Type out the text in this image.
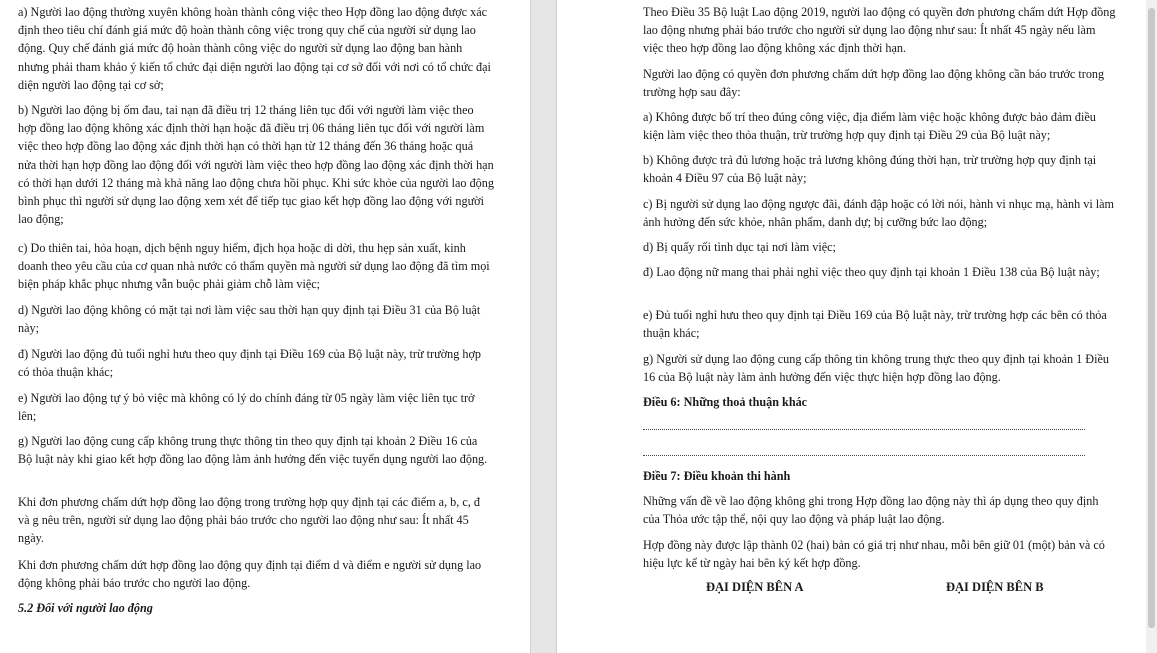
a) Người lao động thường xuyên không hoàn thành công việc theo Hợp đồng lao động được xác định theo tiêu chí đánh giá mức độ hoàn thành công việc trong quy chế của người sử dụng lao động. Quy chế đánh giá mức độ hoàn thành công việc do người sử dụng lao động ban hành nhưng phải tham khảo ý kiến tổ chức đại diện người lao động tại cơ sở đối với nơi có tổ chức đại diện người lao động tại cơ sở;

b) Người lao động bị ốm đau, tai nạn đã điều trị 12 tháng liên tục đối với người làm việc theo hợp đồng lao động không xác định thời hạn hoặc đã điều trị 06 tháng liên tục đối với người làm việc theo hợp đồng lao động xác định thời hạn có thời hạn từ 12 tháng đến 36 tháng hoặc quá nửa thời hạn hợp đồng lao động đối với người làm việc theo hợp đồng lao động xác định thời hạn có thời hạn dưới 12 tháng mà khả năng lao động chưa hồi phục. Khi sức khỏe của người lao động bình phục thì người sử dụng lao động xem xét để tiếp tục giao kết hợp đồng lao động với người lao động;

c) Do thiên tai, hỏa hoạn, dịch bệnh nguy hiểm, địch họa hoặc di dời, thu hẹp sản xuất, kinh doanh theo yêu cầu của cơ quan nhà nước có thẩm quyền mà người sử dụng lao động đã tìm mọi biện pháp khắc phục nhưng vẫn buộc phải giảm chỗ làm việc;

d) Người lao động không có mặt tại nơi làm việc sau thời hạn quy định tại Điều 31 của Bộ luật này;

đ) Người lao động đủ tuổi nghỉ hưu theo quy định tại Điều 169 của Bộ luật này, trừ trường hợp có thỏa thuận khác;

e) Người lao động tự ý bỏ việc mà không có lý do chính đáng từ 05 ngày làm việc liên tục trở lên;

g) Người lao động cung cấp không trung thực thông tin theo quy định tại khoản 2 Điều 16 của Bộ luật này khi giao kết hợp đồng lao động làm ảnh hưởng đến việc tuyển dụng người lao động.

Khi đơn phương chấm dứt hợp đồng lao động trong trường hợp quy định tại các điểm a, b, c, đ và g nêu trên, người sử dụng lao động phải báo trước cho người lao động như sau: Ít nhất 45 ngày.

Khi đơn phương chấm dứt hợp đồng lao động quy định tại điểm d và điểm e người sử dụng lao động không phải báo trước cho người lao động.

5.2 Đối với người lao động

Theo Điều 35 Bộ luật Lao động 2019, người lao động có quyền đơn phương chấm dứt Hợp đồng lao động nhưng phải báo trước cho người sử dụng lao động như sau: Ít nhất 45 ngày nếu làm việc theo hợp đồng lao động không xác định thời hạn.

Người lao động có quyền đơn phương chấm dứt hợp đồng lao động không cần báo trước trong trường hợp sau đây:

a) Không được bố trí theo đúng công việc, địa điểm làm việc hoặc không được bảo đảm điều kiện làm việc theo thỏa thuận, trừ trường hợp quy định tại Điều 29 của Bộ luật này;

b) Không được trả đủ lương hoặc trả lương không đúng thời hạn, trừ trường hợp quy định tại khoản 4 Điều 97 của Bộ luật này;

c) Bị người sử dụng lao động ngược đãi, đánh đập hoặc có lời nói, hành vi nhục mạ, hành vi làm ảnh hưởng đến sức khỏe, nhân phẩm, danh dự; bị cưỡng bức lao động;

d) Bị quấy rối tình dục tại nơi làm việc;

đ) Lao động nữ mang thai phải nghỉ việc theo quy định tại khoản 1 Điều 138 của Bộ luật này;

e) Đủ tuổi nghỉ hưu theo quy định tại Điều 169 của Bộ luật này, trừ trường hợp các bên có thỏa thuận khác;

g) Người sử dụng lao động cung cấp thông tin không trung thực theo quy định tại khoản 1 Điều 16 của Bộ luật này làm ảnh hưởng đến việc thực hiện hợp đồng lao động.

Điều 6: Những thoả thuận khác

Điều 7: Điều khoản thi hành

Những vấn đề về lao động không ghi trong Hợp đồng lao động này thì áp dụng theo quy định của Thỏa ước tập thể, nội quy lao động và pháp luật lao động.

Hợp đồng này được lập thành 02 (hai) bản có giá trị như nhau, mỗi bên giữ 01 (một) bản và có hiệu lực kể từ ngày hai bên ký kết hợp đồng.

ĐẠI DIỆN BÊN A	ĐẠI DIỆN BÊN B
